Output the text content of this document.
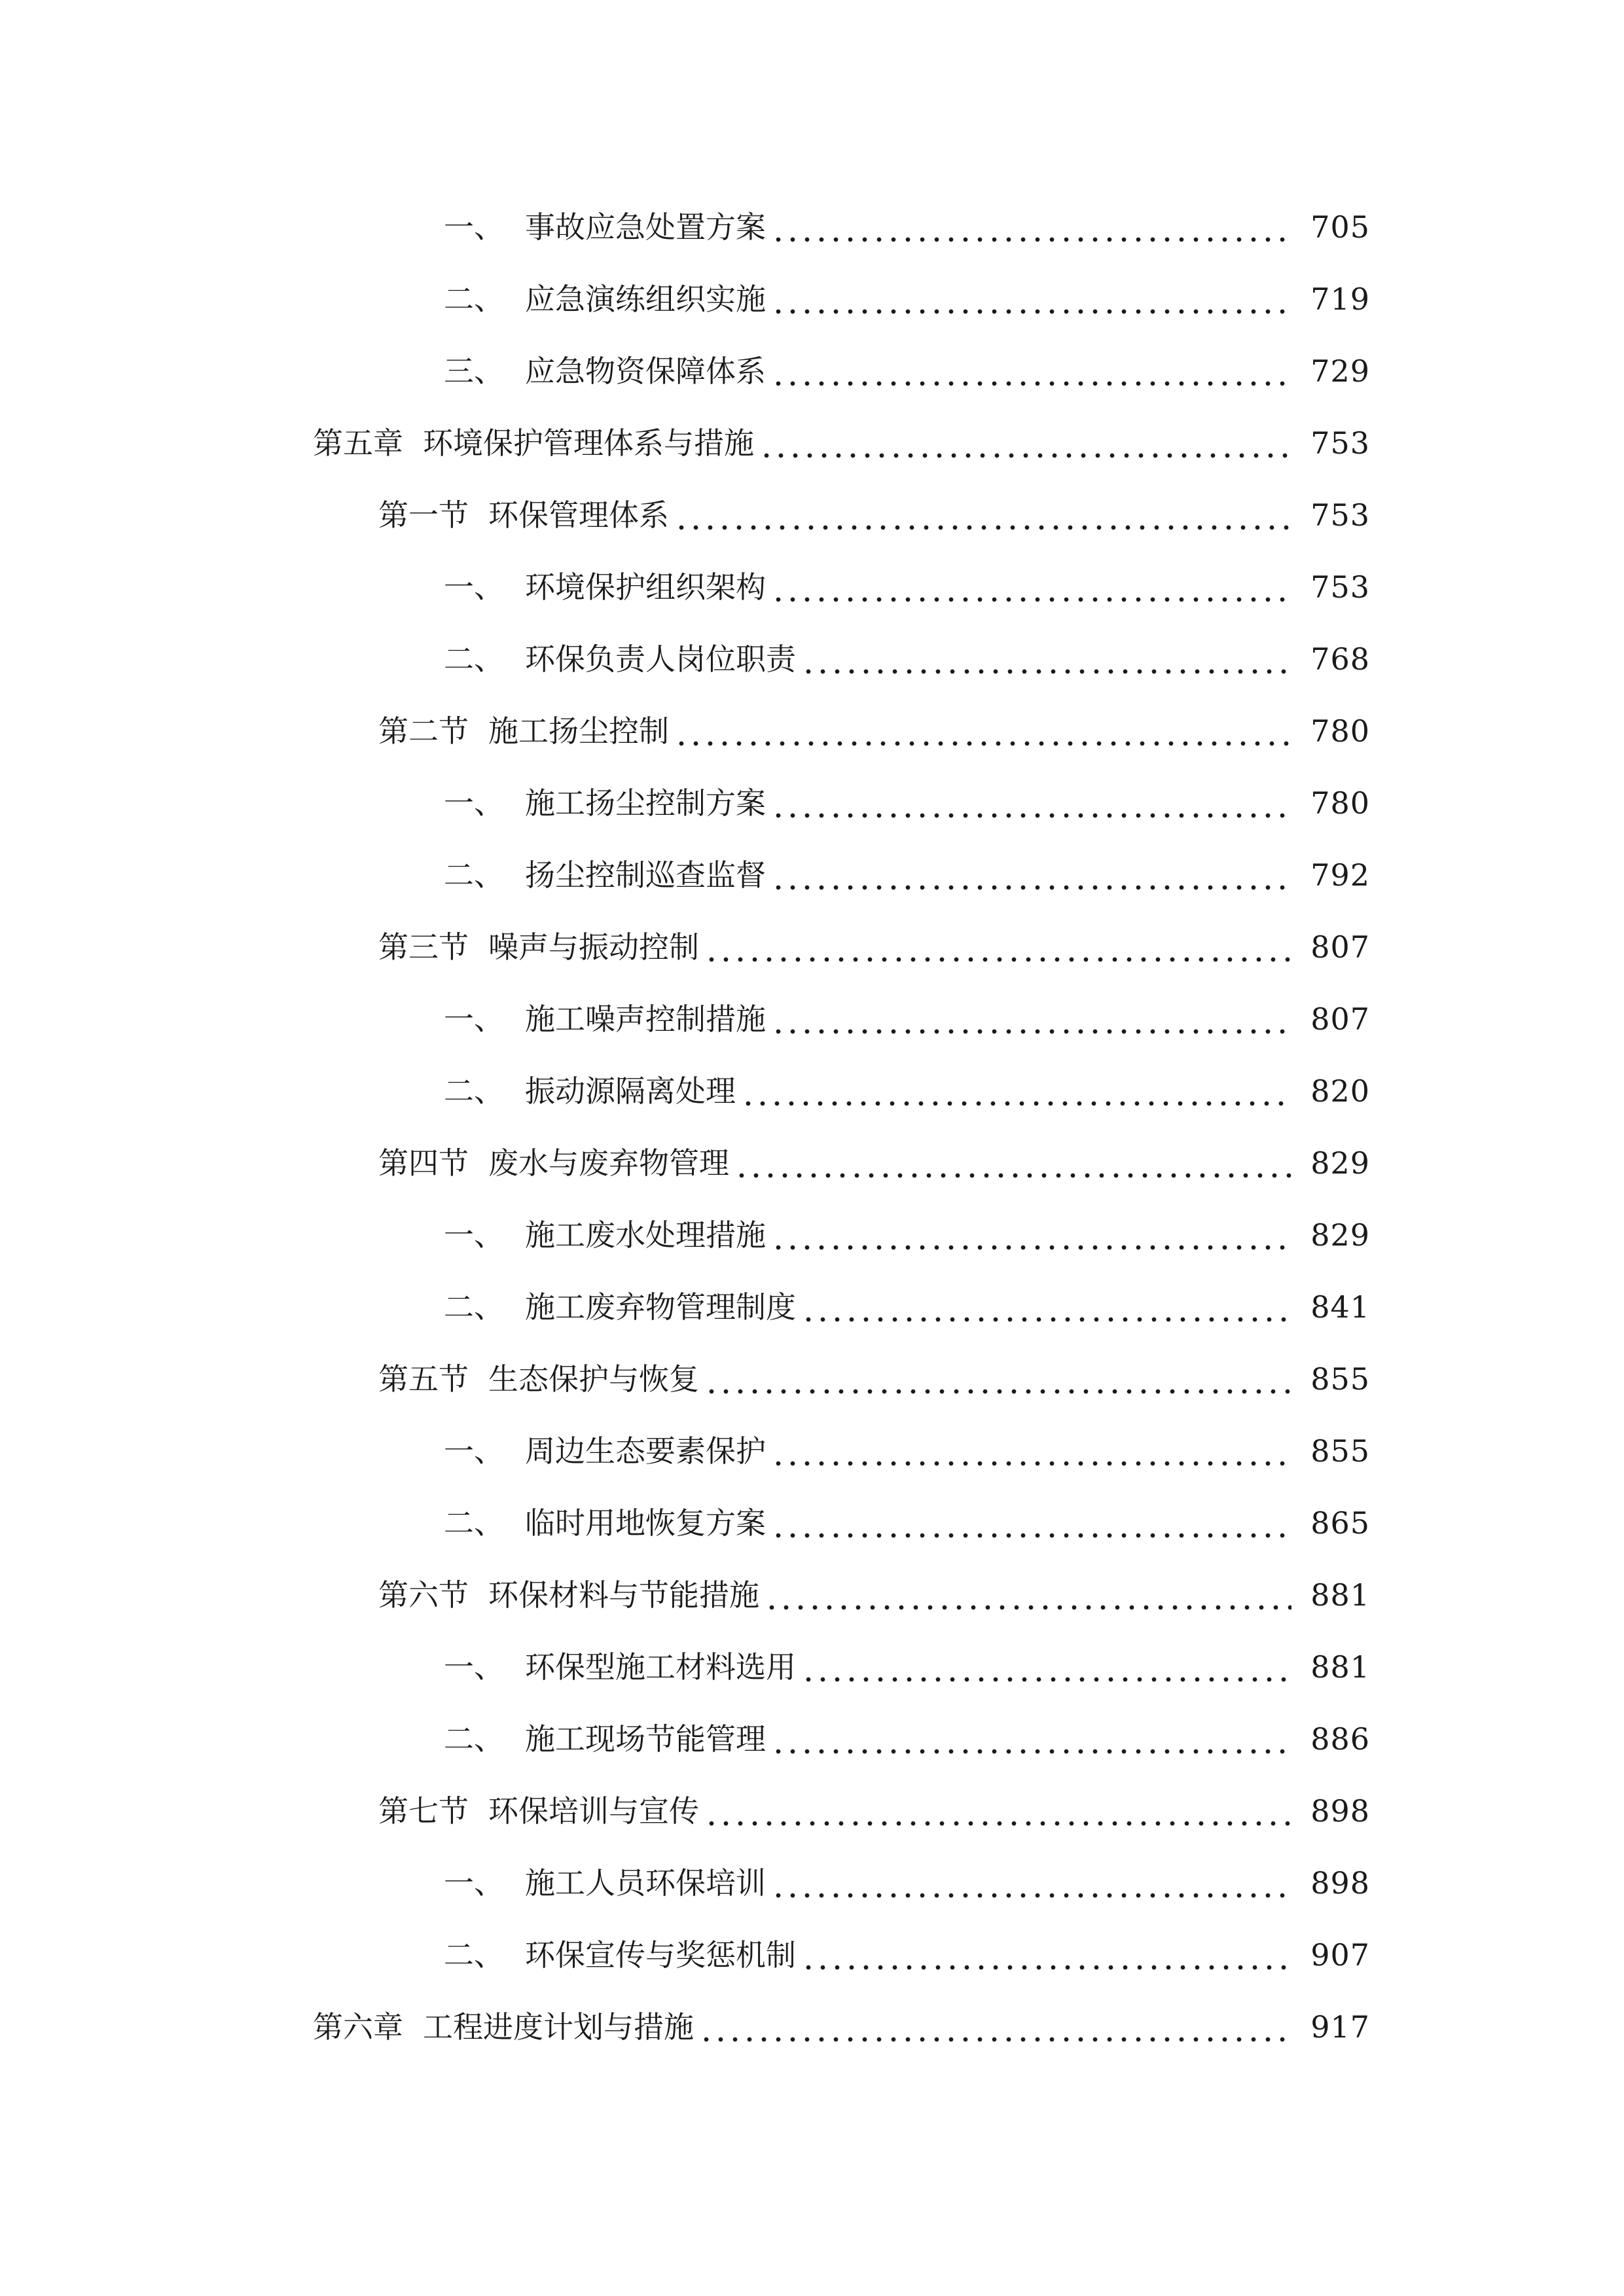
一、 事故应急处置方案	705
二、 应急演练组织实施	719
三、 应急物资保障体系	729
第五章 环境保护管理体系与措施	753
第一节 环保管理体系	753
一、 环境保护组织架构	753
二、 环保负责人岗位职责	768
第二节 施工扬尘控制	780
一、 施工扬尘控制方案	780
二、 扬尘控制巡查监督	792
第三节 噪声与振动控制	807
一、 施工噪声控制措施	807
二、 振动源隔离处理	820
第四节 废水与废弃物管理	829
一、 施工废水处理措施	829
二、 施工废弃物管理制度	841
第五节 生态保护与恢复	855
一、 周边生态要素保护	855
二、 临时用地恢复方案	865
第六节 环保材料与节能措施	881
一、 环保型施工材料选用	881
二、 施工现场节能管理	886
第七节 环保培训与宣传	898
一、 施工人员环保培训	898
二、 环保宣传与奖惩机制	907
第六章 工程进度计划与措施	917
